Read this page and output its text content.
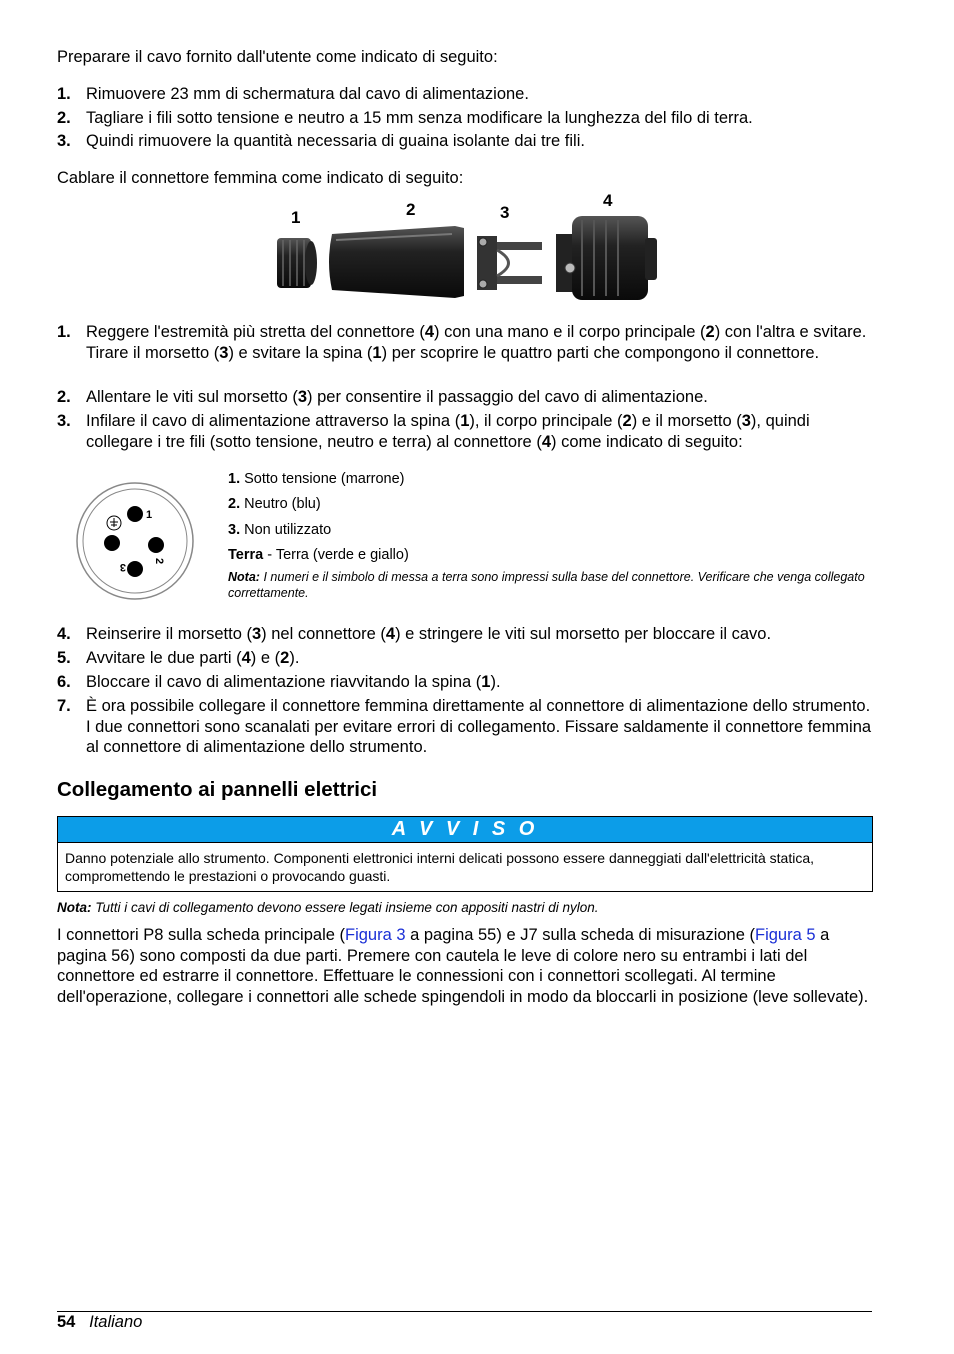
Preparare il cavo fornito dall'utente come indicato di seguito:
1. Rimuovere 23 mm di schermatura dal cavo di alimentazione.
2. Tagliare i fili sotto tensione e neutro a 15 mm senza modificare la lunghezza del filo di terra.
3. Quindi rimuovere la quantità necessaria di guaina isolante dai tre fili.
Cablare il connettore femmina come indicato di seguito:
1	2	3
4
1. Reggere l'estremità più stretta del connettore (4) con una mano e il corpo principale (2) con l'altra e svitare. Tirare il morsetto (3) e svitare la spina (1) per scoprire le quattro parti che compongono il connettore.
2. Allentare le viti sul morsetto (3) per consentire il passaggio del cavo di alimentazione.
3. Infilare il cavo di alimentazione attraverso la spina (1), il corpo principale (2) e il morsetto (3), quindi collegare i tre fili (sotto tensione, neutro e terra) al connettore (4) come indicato di seguito:
1
2
3
1. Sotto tensione (marrone)
2. Neutro (blu)
3. Non utilizzato
Terra - Terra (verde e giallo)
Nota: I numeri e il simbolo di messa a terra sono impressi sulla base del connettore. Verificare che venga collegato correttamente.
4. Reinserire il morsetto (3) nel connettore (4) e stringere le viti sul morsetto per bloccare il cavo.
5. Avvitare le due parti (4) e (2).
6. Bloccare il cavo di alimentazione riavvitando la spina (1).
7. È ora possibile collegare il connettore femmina direttamente al connettore di alimentazione dello strumento. I due connettori sono scanalati per evitare errori di collegamento. Fissare saldamente il connettore femmina al connettore di alimentazione dello strumento.
Collegamento ai pannelli elettrici
A V V I S O
Danno potenziale allo strumento. Componenti elettronici interni delicati possono essere danneggiati dall'elettricità statica, compromettendo le prestazioni o provocando guasti.
Nota: Tutti i cavi di collegamento devono essere legati insieme con appositi nastri di nylon.
I connettori P8 sulla scheda principale (Figura 3 a pagina 55) e J7 sulla scheda di misurazione (Figura 5 a pagina 56) sono composti da due parti. Premere con cautela le leve di colore nero su entrambi i lati del connettore ed estrarre il connettore. Effettuare le connessioni con i connettori scollegati. Al termine dell'operazione, collegare i connettori alle schede spingendoli in modo da bloccarli in posizione (leve sollevate).
54 Italiano
